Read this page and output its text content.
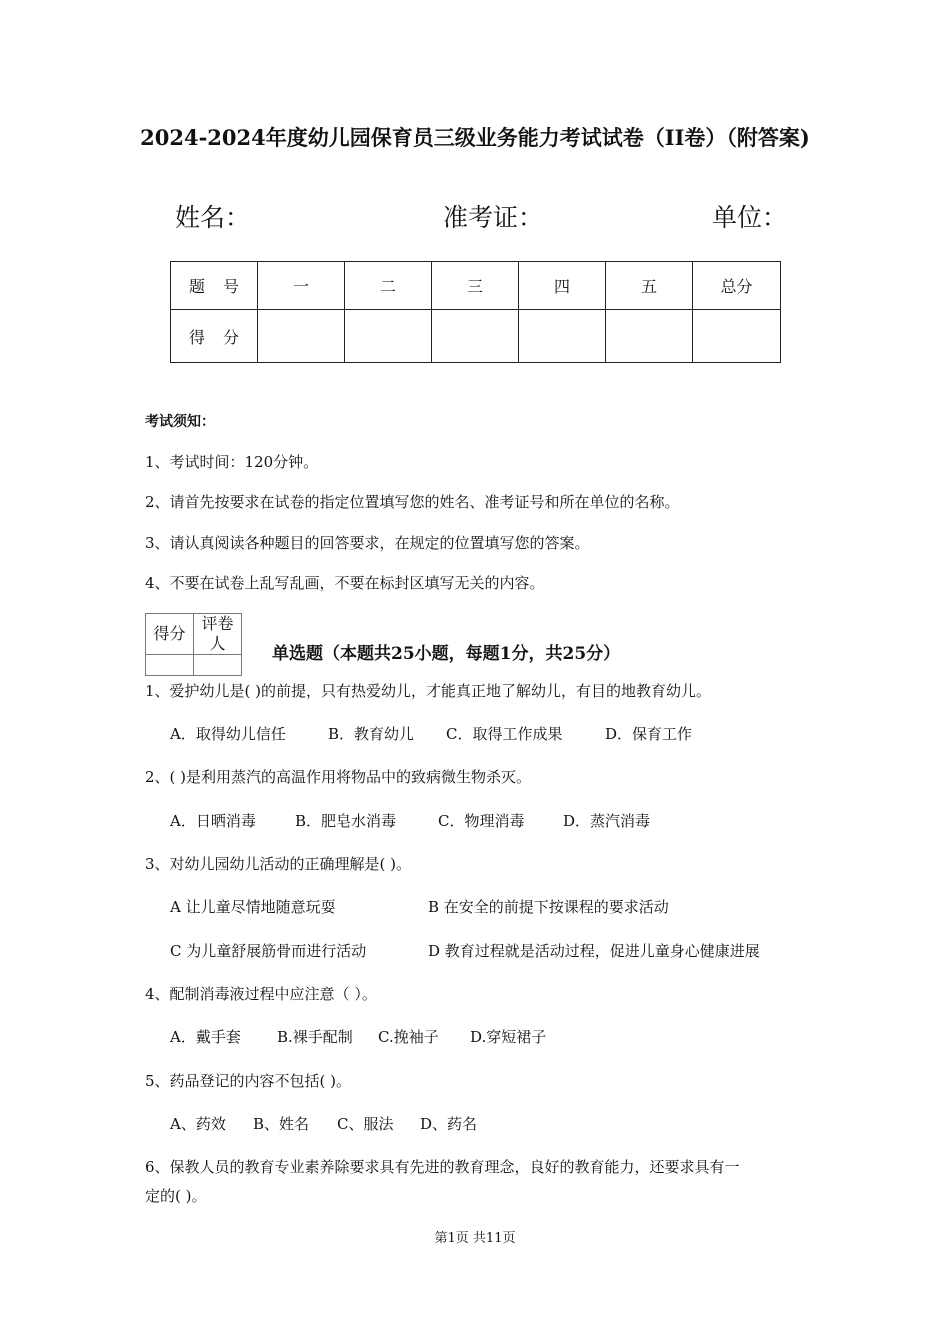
2024-2024年度幼儿园保育员三级业务能力考试试卷（II卷）（附答案)
姓名：	准考证：	单位：
题号	一	二	三	四	五	总分
得分						
考试须知：
1、考试时间：120分钟。
2、请首先按要求在试卷的指定位置填写您的姓名、准考证号和所在单位的名称。
3、请认真阅读各种题目的回答要求，在规定的位置填写您的答案。
4、不要在试卷上乱写乱画，不要在标封区填写无关的内容。
得分	评卷人

单选题（本题共25小题，每题1分，共25分）
1、爱护幼儿是( )的前提，只有热爱幼儿，才能真正地了解幼儿，有目的地教育幼儿。
A．取得幼儿信任	B．教育幼儿 C．取得工作成果	D．保育工作
2、( )是利用蒸汽的高温作用将物品中的致病微生物杀灭。
A．日晒消毒	B．肥皂水消毒	C．物理消毒	D．蒸汽消毒
3、对幼儿园幼儿活动的正确理解是( )。
A 让儿童尽情地随意玩耍	B 在安全的前提下按课程的要求活动
C 为儿童舒展筋骨而进行活动	D 教育过程就是活动过程，促进儿童身心健康进展
4、配制消毒液过程中应注意（ ）。
A．戴手套 B.裸手配制 C.挽袖子 D.穿短裙子
5、药品登记的内容不包括( )。
A、药效 B、姓名 C、服法 D、药名
6、保教人员的教育专业素养除要求具有先进的教育理念，良好的教育能力，还要求具有一
定的( )。
第1页 共11页
